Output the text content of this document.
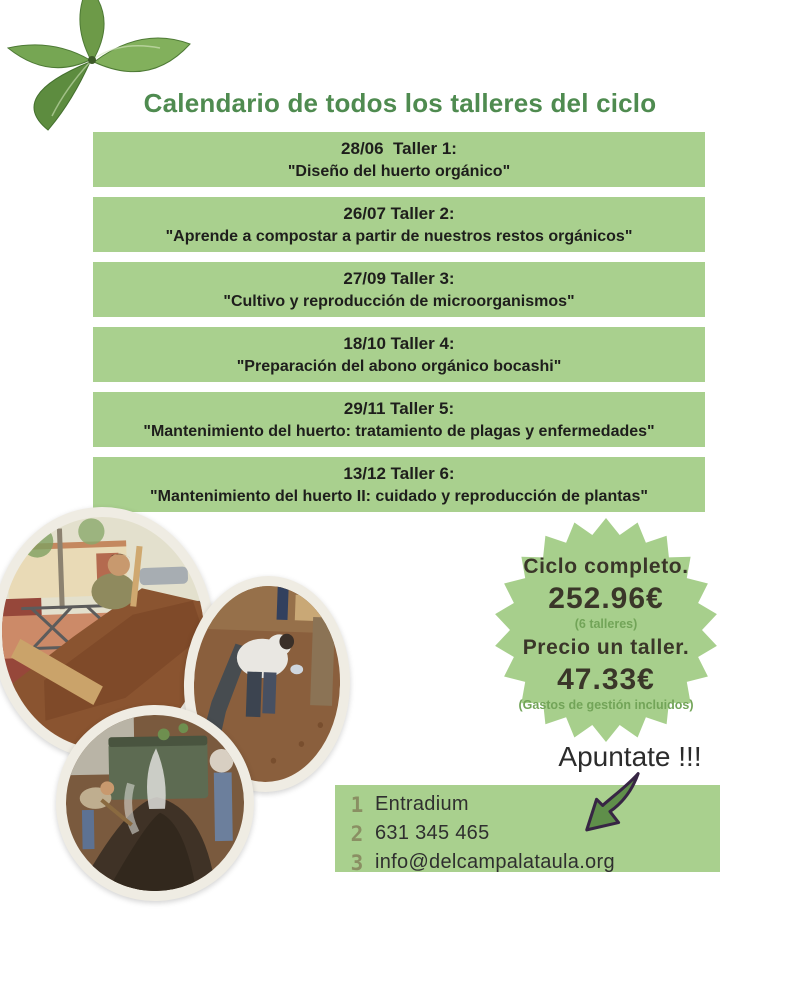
Calendario de todos los talleres del ciclo
28/06  Taller 1:
"Diseño del huerto orgánico"
26/07 Taller 2:
"Aprende a compostar a partir de nuestros restos orgánicos"
27/09 Taller 3:
"Cultivo y reproducción de microorganismos"
18/10 Taller 4:
"Preparación del abono orgánico bocashi"
29/11 Taller 5:
"Mantenimiento del huerto: tratamiento de plagas y enfermedades"
13/12 Taller 6:
"Mantenimiento del huerto II: cuidado y reproducción de plantas"
Ciclo completo.
252.96€
(6 talleres)
Precio un taller.
47.33€
(Gastos de gestión incluidos)
Apuntate !!!
1 Entradium
2 631 345 465
3 info@delcampalataula.org
